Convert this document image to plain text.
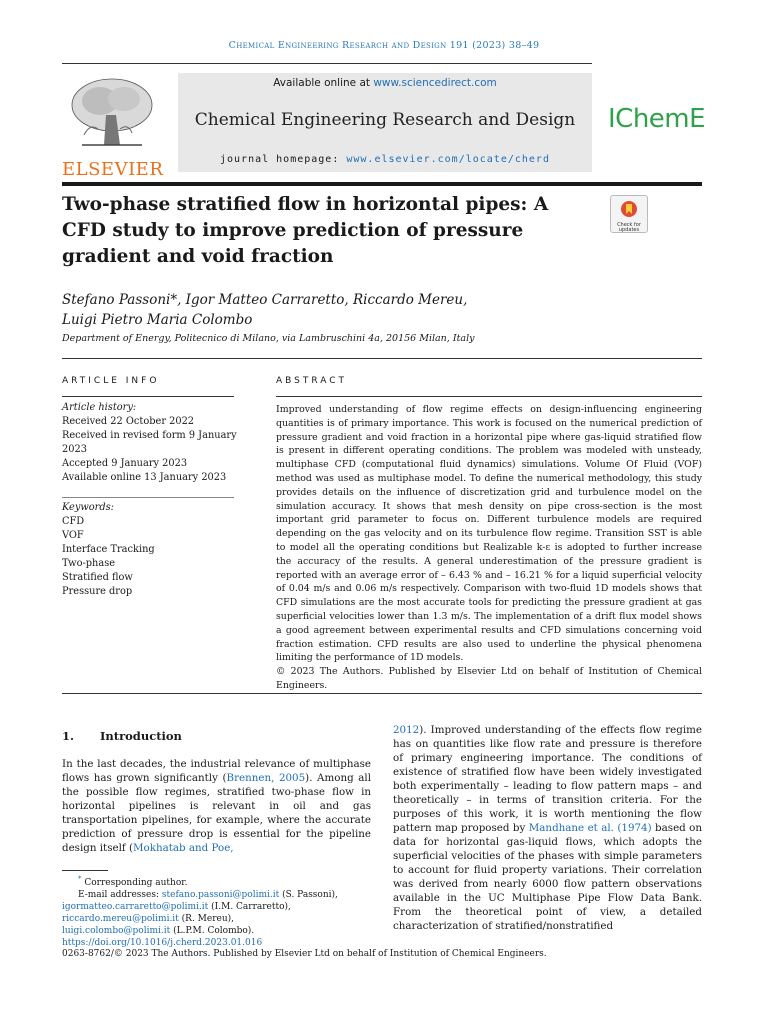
Chemical Engineering Research and Design 191 (2023) 38–49
ELSEVIER
Available online at www.sciencedirect.com
Chemical Engineering Research and Design
journal homepage: www.elsevier.com/locate/cherd
IChemE
Two-phase stratified flow in horizontal pipes: A CFD study to improve prediction of pressure gradient and void fraction
Check for updates
Stefano Passoni*, Igor Matteo Carraretto, Riccardo Mereu,
Luigi Pietro Maria Colombo
Department of Energy, Politecnico di Milano, via Lambruschini 4a, 20156 Milan, Italy
ARTICLE INFO
Article history:
Received 22 October 2022
Received in revised form 9 January 2023
Accepted 9 January 2023
Available online 13 January 2023
Keywords:
CFD
VOF
Interface Tracking
Two-phase
Stratified flow
Pressure drop
ABSTRACT
Improved understanding of flow regime effects on design-influencing engineering quantities is of primary importance. This work is focused on the numerical prediction of pressure gradient and void fraction in a horizontal pipe where gas-liquid stratified flow is present in different operating conditions. The problem was modeled with unsteady, multiphase CFD (computational fluid dynamics) simulations. Volume Of Fluid (VOF) method was used as multiphase model. To define the numerical methodology, this study provides details on the influence of discretization grid and turbulence model on the simulation accuracy. It shows that mesh density on pipe cross-section is the most important grid parameter to focus on. Different turbulence models are required depending on the gas velocity and on its turbulence flow regime. Transition SST is able to model all the operating conditions but Realizable k-ε is adopted to further increase the accuracy of the results. A general underestimation of the pressure gradient is reported with an average error of – 6.43 % and – 16.21 % for a liquid superficial velocity of 0.04 m/s and 0.06 m/s respectively. Comparison with two-fluid 1D models shows that CFD simulations are the most accurate tools for predicting the pressure gradient at gas superficial velocities lower than 1.3 m/s. The implementation of a drift flux model shows a good agreement between experimental results and CFD simulations concerning void fraction estimation. CFD results are also used to underline the physical phenomena limiting the performance of 1D models.
© 2023 The Authors. Published by Elsevier Ltd on behalf of Institution of Chemical Engineers.
1. Introduction
In the last decades, the industrial relevance of multiphase flows has grown significantly (Brennen, 2005). Among all the possible flow regimes, stratified two-phase flow in horizontal pipelines is relevant in oil and gas transportation pipelines, for example, where the accurate prediction of pressure drop is essential for the pipeline design itself (Mokhatab and Poe,
2012). Improved understanding of the effects flow regime has on quantities like flow rate and pressure is therefore of primary engineering importance. The conditions of existence of stratified flow have been widely investigated both experimentally – leading to flow pattern maps – and theoretically – in terms of transition criteria. For the purposes of this work, it is worth mentioning the flow pattern map proposed by Mandhane et al. (1974) based on data for horizontal gas-liquid flows, which adopts the superficial velocities of the phases with simple parameters to account for fluid property variations. Their correlation was derived from nearly 6000 flow pattern observations available in the UC Multiphase Pipe Flow Data Bank. From the theoretical point of view, a detailed characterization of stratified/nonstratified
* Corresponding author.
E-mail addresses: stefano.passoni@polimi.it (S. Passoni),
igormatteo.carraretto@polimi.it (I.M. Carraretto),
riccardo.mereu@polimi.it (R. Mereu),
luigi.colombo@polimi.it (L.P.M. Colombo).
https://doi.org/10.1016/j.cherd.2023.01.016
0263-8762/© 2023 The Authors. Published by Elsevier Ltd on behalf of Institution of Chemical Engineers.
